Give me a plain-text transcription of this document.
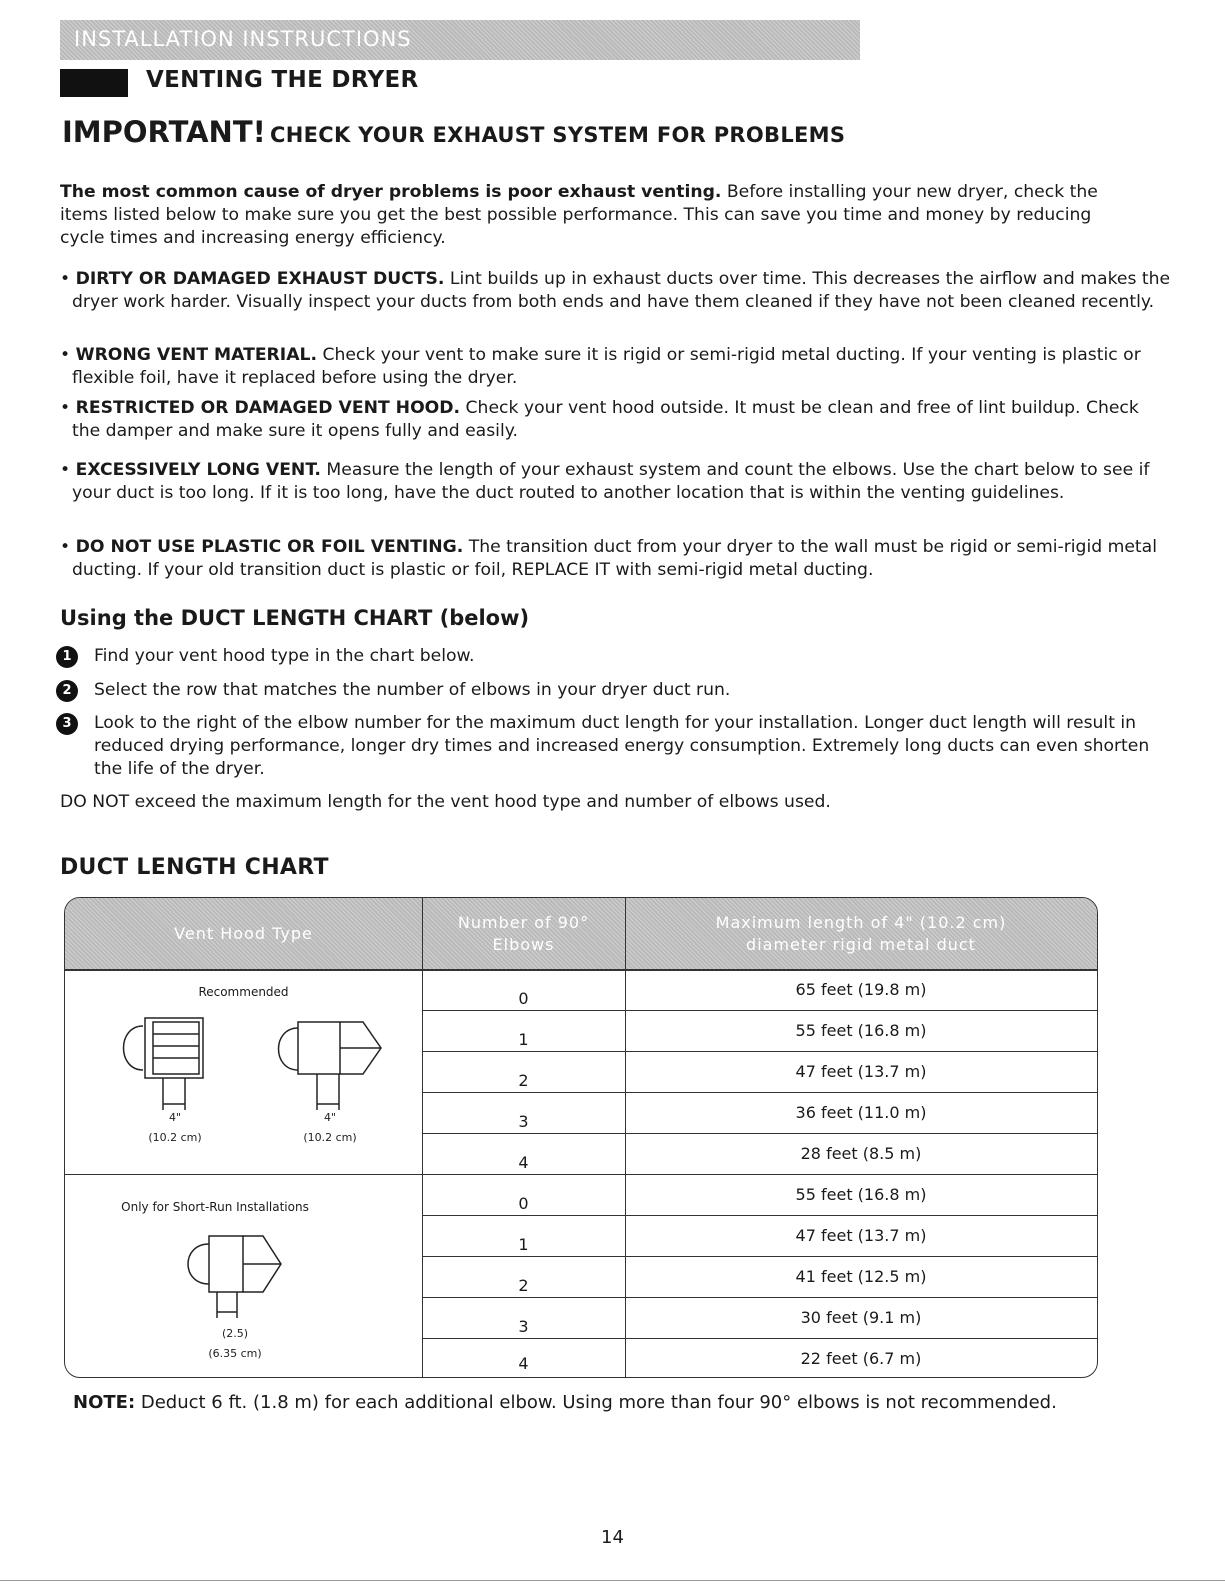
INSTALLATION INSTRUCTIONS
VENTING THE DRYER
IMPORTANT! CHECK YOUR EXHAUST SYSTEM FOR PROBLEMS
The most common cause of dryer problems is poor exhaust venting. Before installing your new dryer, check the items listed below to make sure you get the best possible performance. This can save you time and money by reducing cycle times and increasing energy efficiency.
• DIRTY OR DAMAGED EXHAUST DUCTS. Lint builds up in exhaust ducts over time. This decreases the airflow and makes the dryer work harder. Visually inspect your ducts from both ends and have them cleaned if they have not been cleaned recently.
• WRONG VENT MATERIAL. Check your vent to make sure it is rigid or semi-rigid metal ducting. If your venting is plastic or flexible foil, have it replaced before using the dryer.
• RESTRICTED OR DAMAGED VENT HOOD. Check your vent hood outside. It must be clean and free of lint buildup. Check the damper and make sure it opens fully and easily.
• EXCESSIVELY LONG VENT. Measure the length of your exhaust system and count the elbows. Use the chart below to see if your duct is too long. If it is too long, have the duct routed to another location that is within the venting guidelines.
• DO NOT USE PLASTIC OR FOIL VENTING. The transition duct from your dryer to the wall must be rigid or semi-rigid metal ducting. If your old transition duct is plastic or foil, REPLACE IT with semi-rigid metal ducting.
Using the DUCT LENGTH CHART (below)
1	Find your vent hood type in the chart below.
2	Select the row that matches the number of elbows in your dryer duct run.
3	Look to the right of the elbow number for the maximum duct length for your installation. Longer duct length will result in reduced drying performance, longer dry times and increased energy consumption. Extremely long ducts can even shorten the life of the dryer.
DO NOT exceed the maximum length for the vent hood type and number of elbows used.
DUCT LENGTH CHART
Vent Hood Type
Number of 90° Elbows
Maximum length of 4" (10.2 cm) diameter rigid metal duct
Recommended
4"
(10.2 cm)
4"
(10.2 cm)
Only for Short-Run Installations
(2.5)
(6.35 cm)
0	65 feet (19.8 m)
1	55 feet (16.8 m)
2	47 feet (13.7 m)
3	36 feet (11.0 m)
4	28 feet (8.5 m)
0	55 feet (16.8 m)
1	47 feet (13.7 m)
2	41 feet (12.5 m)
3	30 feet (9.1 m)
4	22 feet (6.7 m)
NOTE: Deduct 6 ft. (1.8 m) for each additional elbow. Using more than four 90° elbows is not recommended.
14
